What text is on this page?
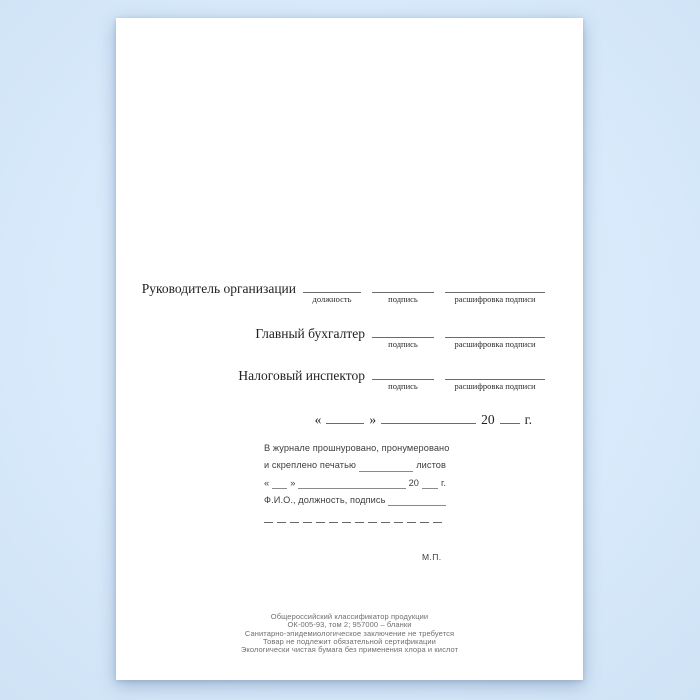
Руководитель организации
должность	подпись	расшифровка подписи
Главный бухгалтер
подпись	расшифровка подписи
Налоговый инспектор
подпись	расшифровка подписи
«	»	20 г.
В журнале прошнуровано, пронумеровано
и скреплено печатью	листов
« »	20 г.
Ф.И.О., должность, подпись
М.П.
Общероссийский классификатор продукции
ОК-005-93, том 2; 957000 – бланки
Санитарно-эпидемиологическое заключение не требуется
Товар не подлежит обязательной сертификации
Экологически чистая бумага без применения хлора и кислот
